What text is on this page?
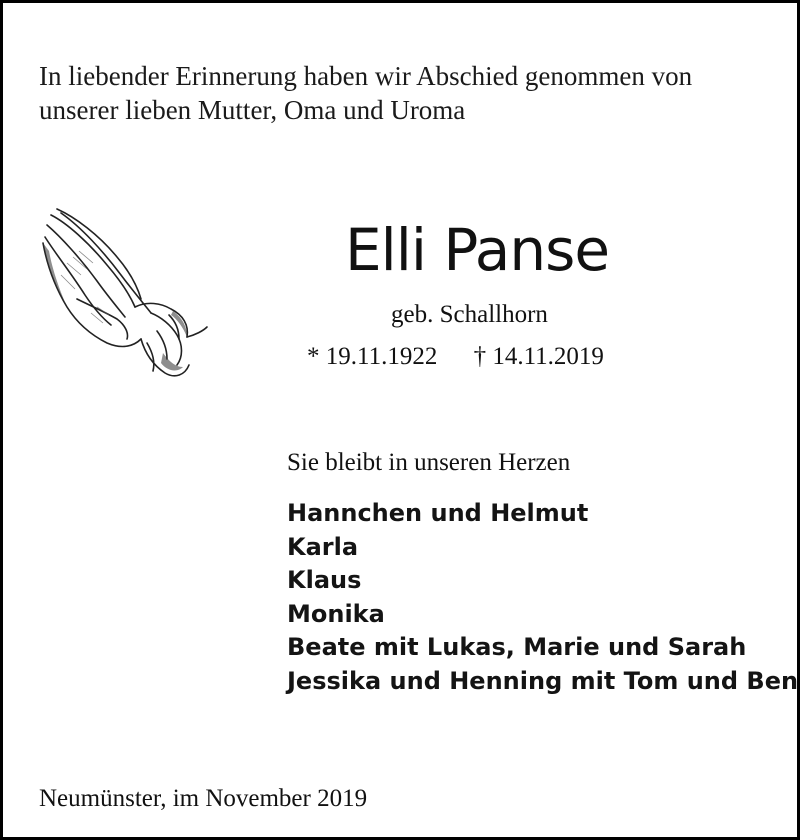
In liebender Erinnerung haben wir Abschied genommen von
unserer lieben Mutter, Oma und Uroma
Elli Panse
geb. Schallhorn
* 19.11.1922 † 14.11.2019
Sie bleibt in unseren Herzen
Hannchen und Helmut
Karla
Klaus
Monika
Beate mit Lukas, Marie und Sarah
Jessika und Henning mit Tom und Ben
Neumünster, im November 2019
